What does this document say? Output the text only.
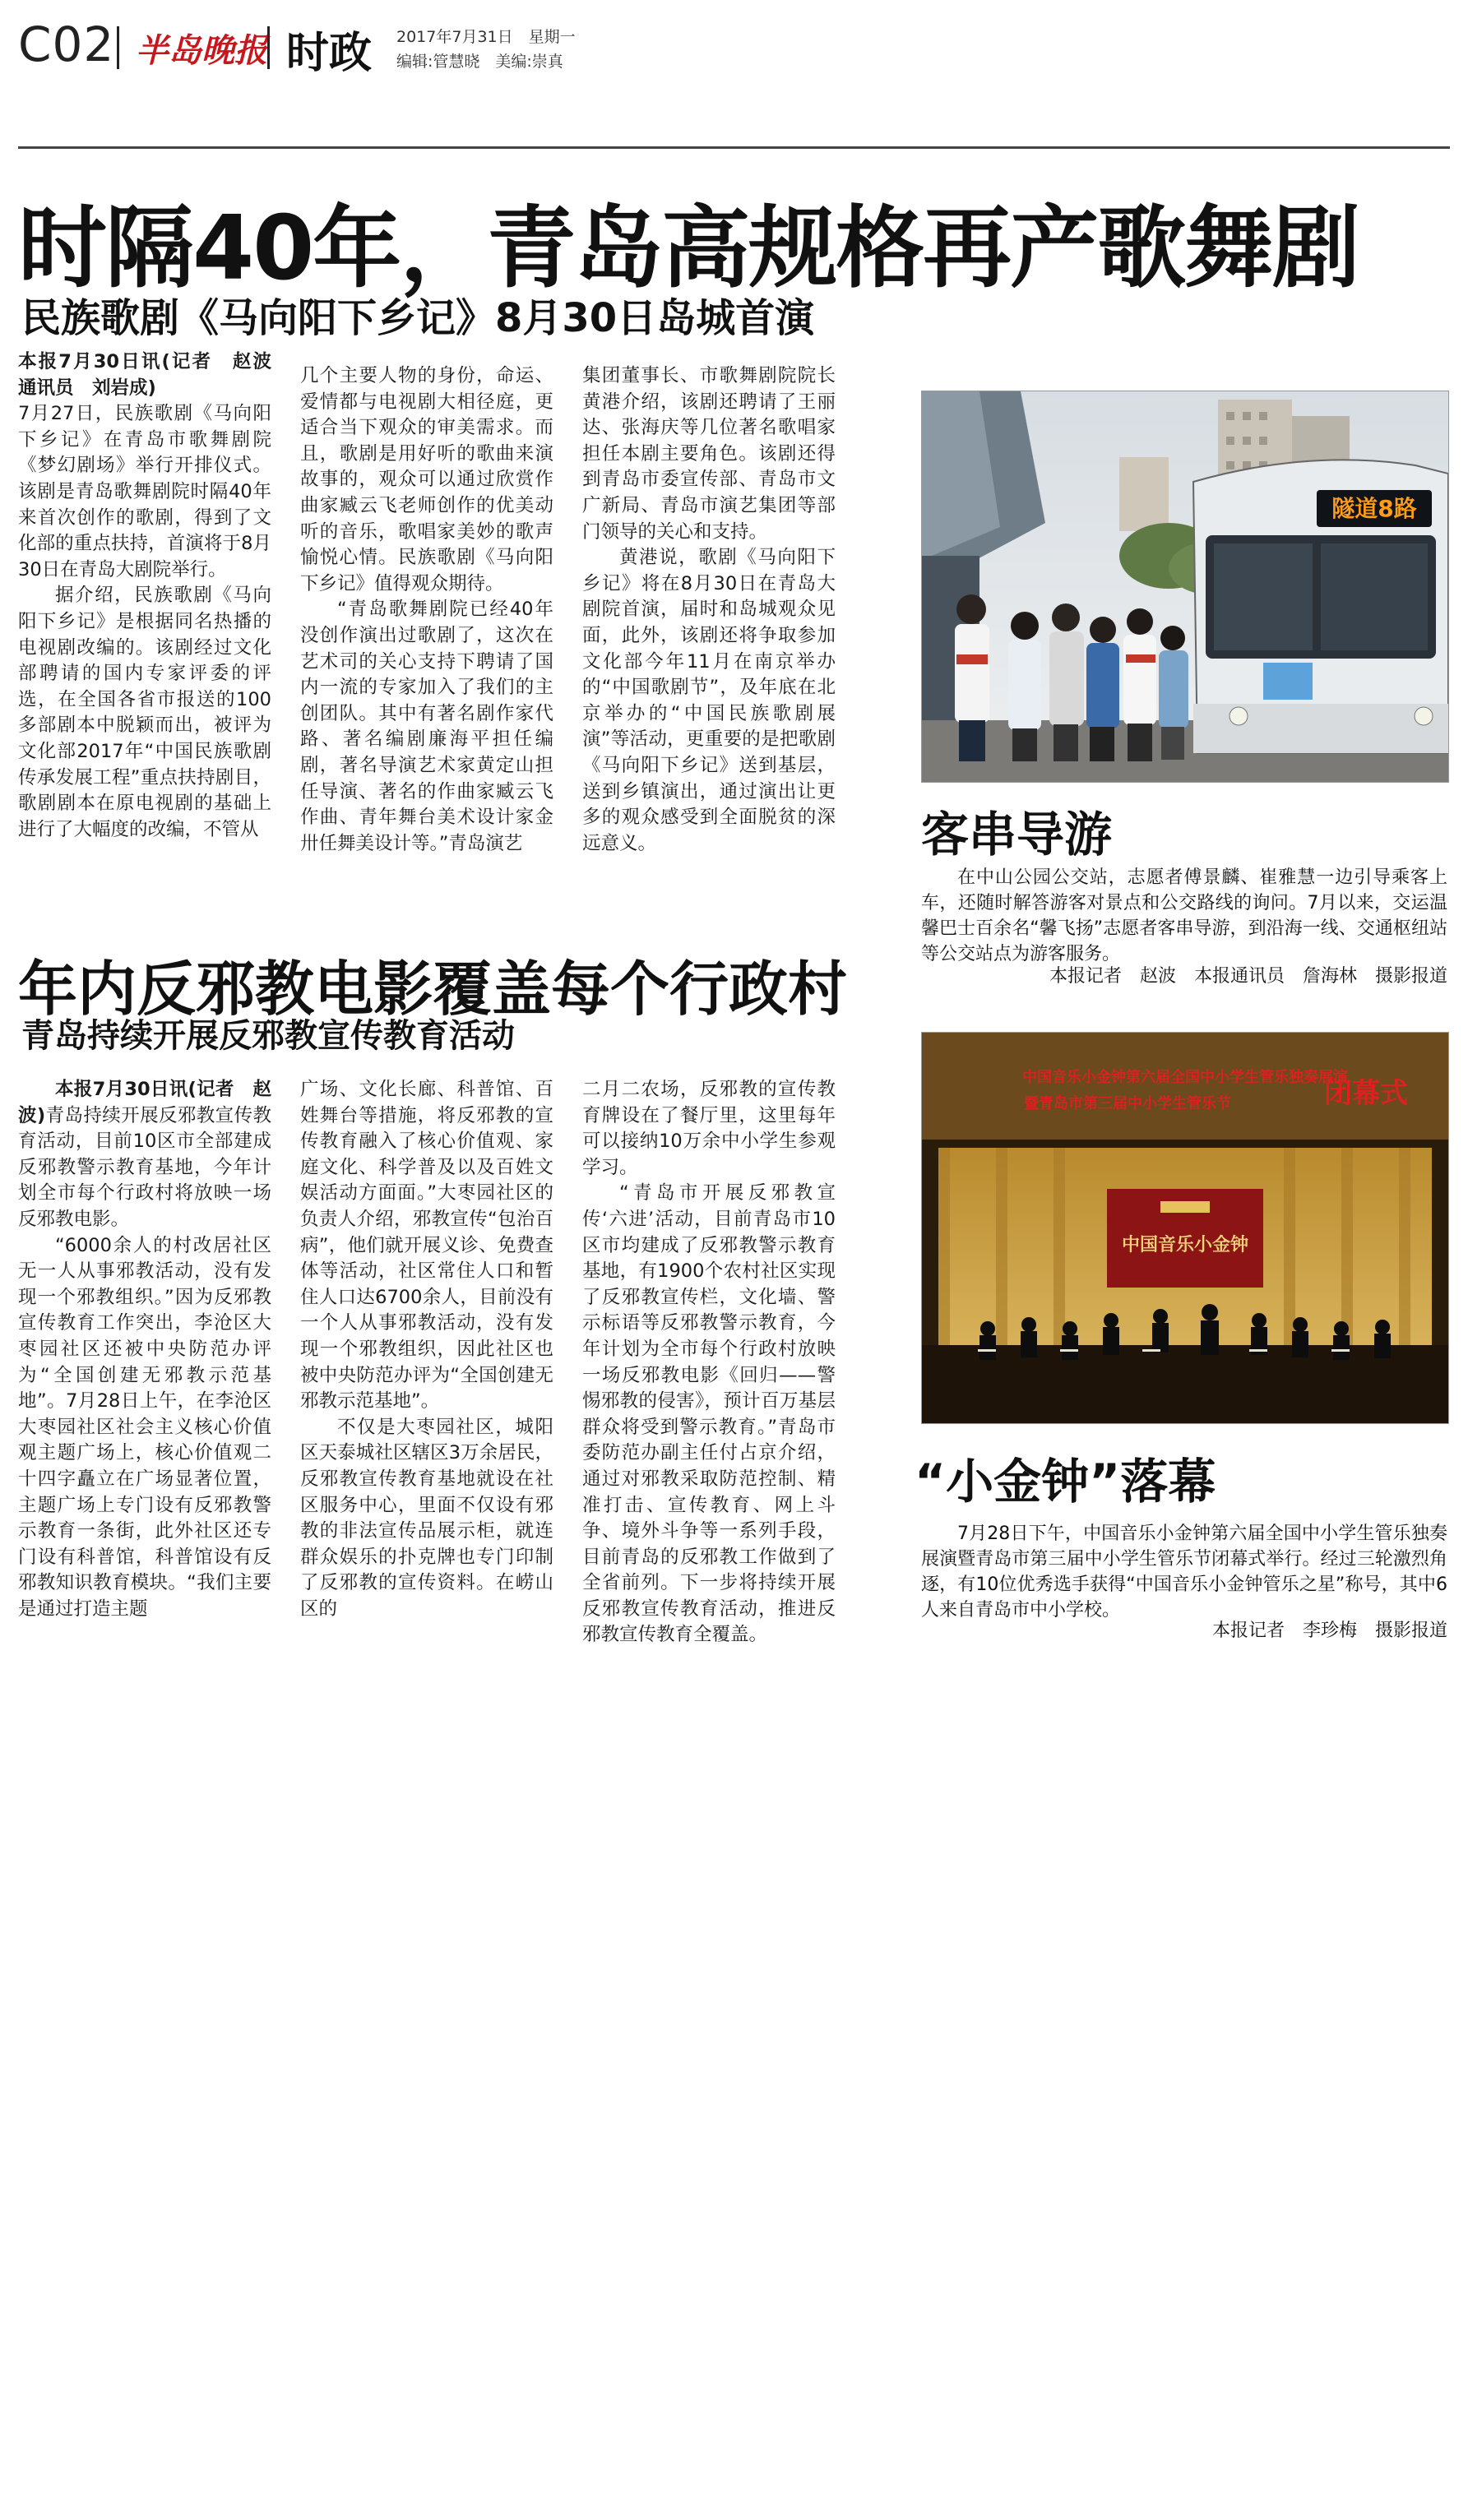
C02 半岛晚报 时政 2017年7月31日　星期一
编辑:管慧晓　美编:崇真
时隔40年，青岛高规格再产歌舞剧
民族歌剧《马向阳下乡记》8月30日岛城首演

本报7月30日讯(记者　赵波　通讯员　刘岩成)
7月27日，民族歌剧《马向阳下乡记》在青岛市歌舞剧院《梦幻剧场》举行开排仪式。该剧是青岛歌舞剧院时隔40年来首次创作的歌剧，得到了文化部的重点扶持，首演将于8月30日在青岛大剧院举行。

据介绍，民族歌剧《马向阳下乡记》是根据同名热播的电视剧改编的。该剧经过文化部聘请的国内专家评委的评选，在全国各省市报送的100多部剧本中脱颖而出，被评为文化部2017年“中国民族歌剧传承发展工程”重点扶持剧目，歌剧剧本在原电视剧的基础上进行了大幅度的改编，不管从

几个主要人物的身份，命运、爱情都与电视剧大相径庭，更适合当下观众的审美需求。而且，歌剧是用好听的歌曲来演故事的，观众可以通过欣赏作曲家臧云飞老师创作的优美动听的音乐，歌唱家美妙的歌声愉悦心情。民族歌剧《马向阳下乡记》值得观众期待。

“青岛歌舞剧院已经40年没创作演出过歌剧了，这次在艺术司的关心支持下聘请了国内一流的专家加入了我们的主创团队。其中有著名剧作家代路、著名编剧廉海平担任编剧，著名导演艺术家黄定山担任导演、著名的作曲家臧云飞作曲、青年舞台美术设计家金卅任舞美设计等。”青岛演艺

集团董事长、市歌舞剧院院长黄港介绍，该剧还聘请了王丽达、张海庆等几位著名歌唱家担任本剧主要角色。该剧还得到青岛市委宣传部、青岛市文广新局、青岛市演艺集团等部门领导的关心和支持。

黄港说，歌剧《马向阳下乡记》将在8月30日在青岛大剧院首演，届时和岛城观众见面，此外，该剧还将争取参加文化部今年11月在南京举办的“中国歌剧节”，及年底在北京举办的“中国民族歌剧展演”等活动，更重要的是把歌剧《马向阳下乡记》送到基层，送到乡镇演出，通过演出让更多的观众感受到全面脱贫的深远意义。

年内反邪教电影覆盖每个行政村
青岛持续开展反邪教宣传教育活动

本报7月30日讯(记者　赵波)青岛持续开展反邪教宣传教育活动，目前10区市全部建成反邪教警示教育基地，今年计划全市每个行政村将放映一场反邪教电影。

“6000余人的村改居社区无一人从事邪教活动，没有发现一个邪教组织。”因为反邪教宣传教育工作突出，李沧区大枣园社区还被中央防范办评为“全国创建无邪教示范基地”。7月28日上午，在李沧区大枣园社区社会主义核心价值观主题广场上，核心价值观二十四字矗立在广场显著位置，主题广场上专门设有反邪教警示教育一条街，此外社区还专门设有科普馆，科普馆设有反邪教知识教育模块。“我们主要是通过打造主题

广场、文化长廊、科普馆、百姓舞台等措施，将反邪教的宣传教育融入了核心价值观、家庭文化、科学普及以及百姓文娱活动方面面。”大枣园社区的负责人介绍，邪教宣传“包治百病”，他们就开展义诊、免费查体等活动，社区常住人口和暂住人口达6700余人，目前没有一个人从事邪教活动，没有发现一个邪教组织，因此社区也被中央防范办评为“全国创建无邪教示范基地”。

不仅是大枣园社区，城阳区天泰城社区辖区3万余居民，反邪教宣传教育基地就设在社区服务中心，里面不仅设有邪教的非法宣传品展示柜，就连群众娱乐的扑克牌也专门印制了反邪教的宣传资料。在崂山区的

二月二农场，反邪教的宣传教育牌设在了餐厅里，这里每年可以接纳10万余中小学生参观学习。

“青岛市开展反邪教宣传‘六进’活动，目前青岛市10区市均建成了反邪教警示教育基地，有1900个农村社区实现了反邪教宣传栏，文化墙、警示标语等反邪教警示教育，今年计划为全市每个行政村放映一场反邪教电影《回归——警惕邪教的侵害》，预计百万基层群众将受到警示教育。”青岛市委防范办副主任付占京介绍，通过对邪教采取防范控制、精准打击、宣传教育、网上斗争、境外斗争等一系列手段，目前青岛的反邪教工作做到了全省前列。下一步将持续开展反邪教宣传教育活动，推进反邪教宣传教育全覆盖。

隧道8路
客串导游

在中山公园公交站，志愿者傅景麟、崔雅慧一边引导乘客上车，还随时解答游客对景点和公交路线的询问。7月以来，交运温馨巴士百余名“馨飞扬”志愿者客串导游，到沿海一线、交通枢纽站等公交站点为游客服务。

本报记者　赵波　本报通讯员　詹海林　摄影报道
中国音乐小金钟第六届全国中小学生管乐独奏展演
暨青岛市第三届中小学生管乐节	闭幕式
中国音乐小金钟
“小金钟”落幕

7月28日下午，中国音乐小金钟第六届全国中小学生管乐独奏展演暨青岛市第三届中小学生管乐节闭幕式举行。经过三轮激烈角逐，有10位优秀选手获得“中国音乐小金钟管乐之星”称号，其中6人来自青岛市中小学校。

本报记者　李珍梅　摄影报道
